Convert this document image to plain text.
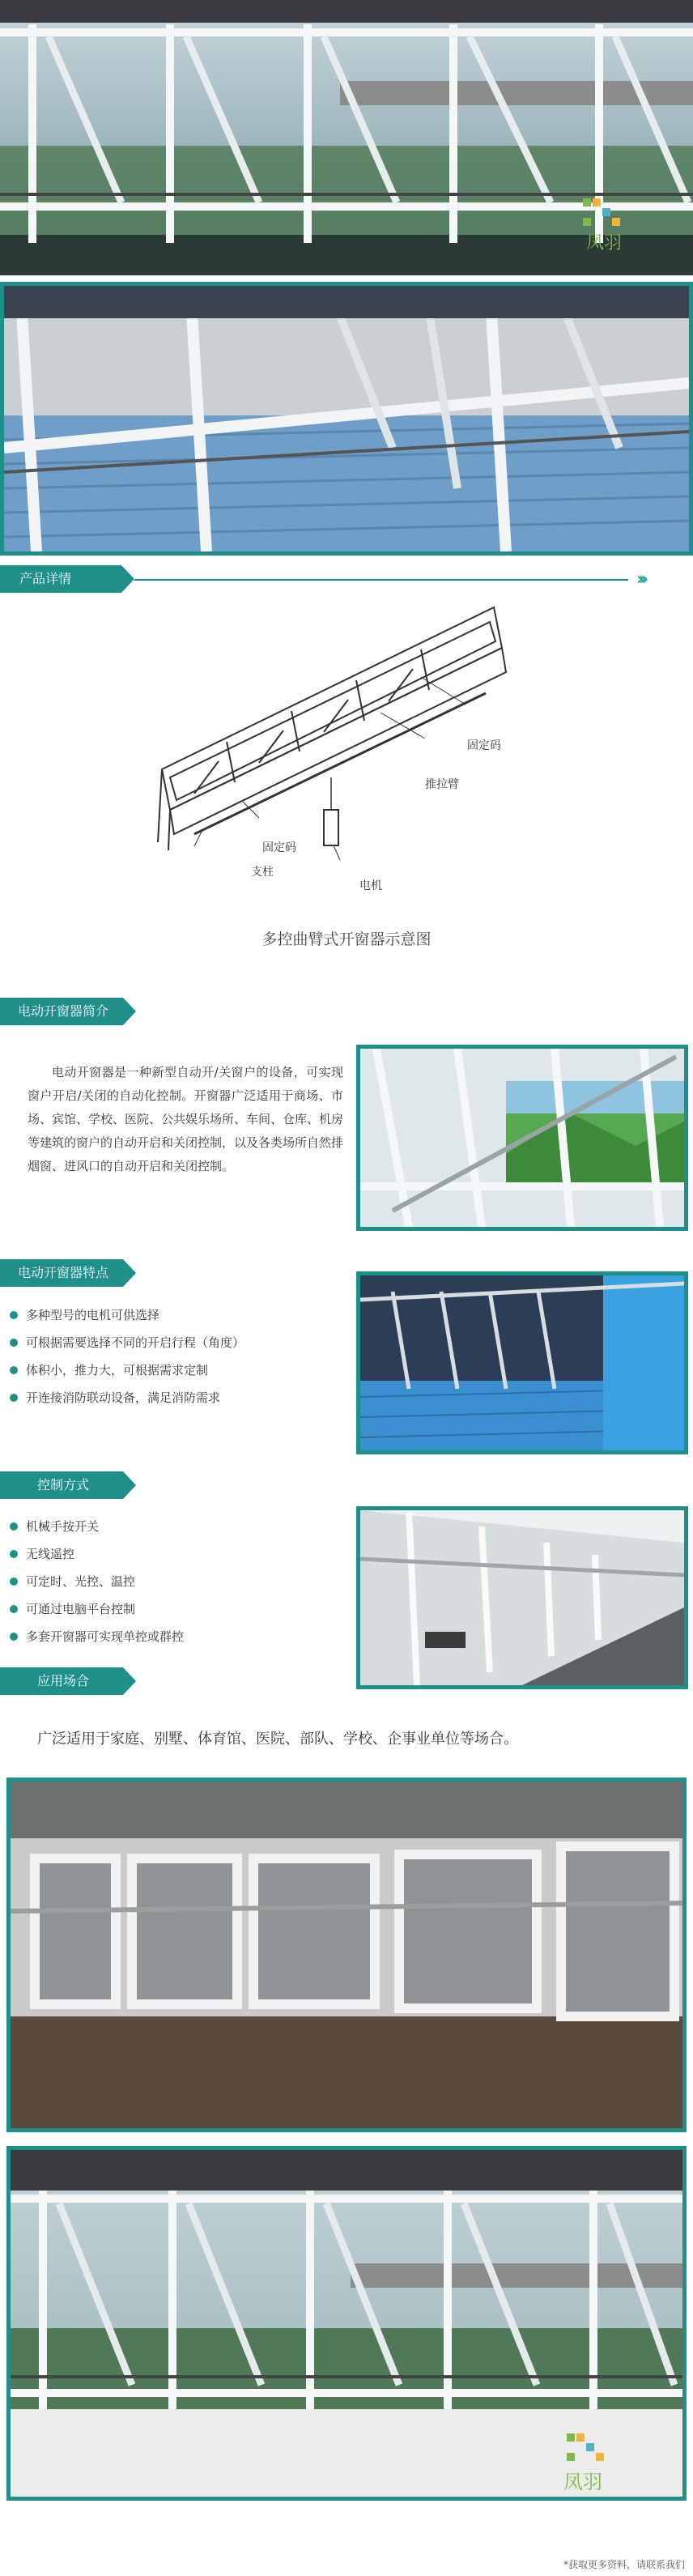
凤羽
产品详情	›››
固定码
推拉臂
固定码
支柱
电机
多控曲臂式开窗器示意图
电动开窗器简介
电动开窗器是一种新型自动开/关窗户的设备，可实现窗户开启/关闭的自动化控制。开窗器广泛适用于商场、市场、宾馆、学校、医院、公共娱乐场所、车间、仓库、机房等建筑的窗户的自动开启和关闭控制，以及各类场所自然排烟窗、进风口的自动开启和关闭控制。
电动开窗器特点
多种型号的电机可供选择
可根据需要选择不同的开启行程（角度）
体积小，推力大，可根据需求定制
开连接消防联动设备，满足消防需求
控制方式
机械手按开关
无线遥控
可定时、光控、温控
可通过电脑平台控制
多套开窗器可实现单控或群控
应用场合
广泛适用于家庭、别墅、体育馆、医院、部队、学校、企事业单位等场合。
凤羽
*获取更多资料，请联系我们
